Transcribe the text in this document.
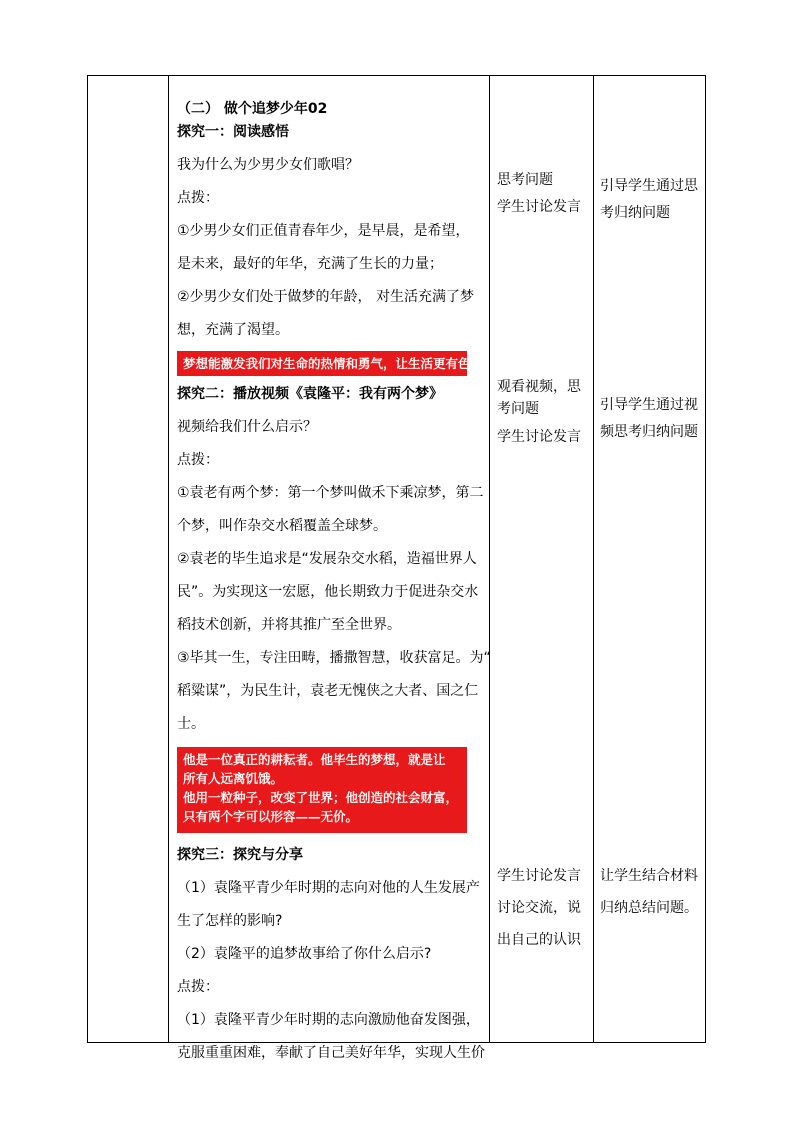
（二） 做个追梦少年02
探究一：阅读感悟
我为什么为少男少女们歌唱？
点拨：
①少男少女们正值青春年少，是早晨，是希望，
是未来，最好的年华，充满了生长的力量；
②少男少女们处于做梦的年龄， 对生活充满了梦
想，充满了渴望。
梦想能激发我们对生命的热情和勇气，让生活更有色彩。
探究二：播放视频《袁隆平：我有两个梦》
视频给我们什么启示？
点拨：
①袁老有两个梦：第一个梦叫做禾下乘凉梦，第二
个梦，叫作杂交水稻覆盖全球梦。
②袁老的毕生追求是“发展杂交水稻，造福世界人
民”。为实现这一宏愿，他长期致力于促进杂交水
稻技术创新，并将其推广至全世界。
③毕其一生，专注田畴，播撒智慧，收获富足。为“
稻粱谋”，为民生计，袁老无愧侠之大者、国之仁
士。
他是一位真正的耕耘者。他毕生的梦想，就是让
所有人远离饥饿。
他用一粒种子，改变了世界；他创造的社会财富，
只有两个字可以形容——无价。
探究三：探究与分享
（1）袁隆平青少年时期的志向对他的人生发展产
生了怎样的影响?
（2）袁隆平的追梦故事给了你什么启示?
点拨：
（1）袁隆平青少年时期的志向激励他奋发图强，
克服重重困难，奉献了自己美好年华，实现人生价
思考问题
学生讨论发言
引导学生通过思
考归纳问题
观看视频，思
考问题
学生讨论发言
引导学生通过视
频思考归纳问题
学生讨论发言
讨论交流，说
出自己的认识
让学生结合材料
归纳总结问题。
